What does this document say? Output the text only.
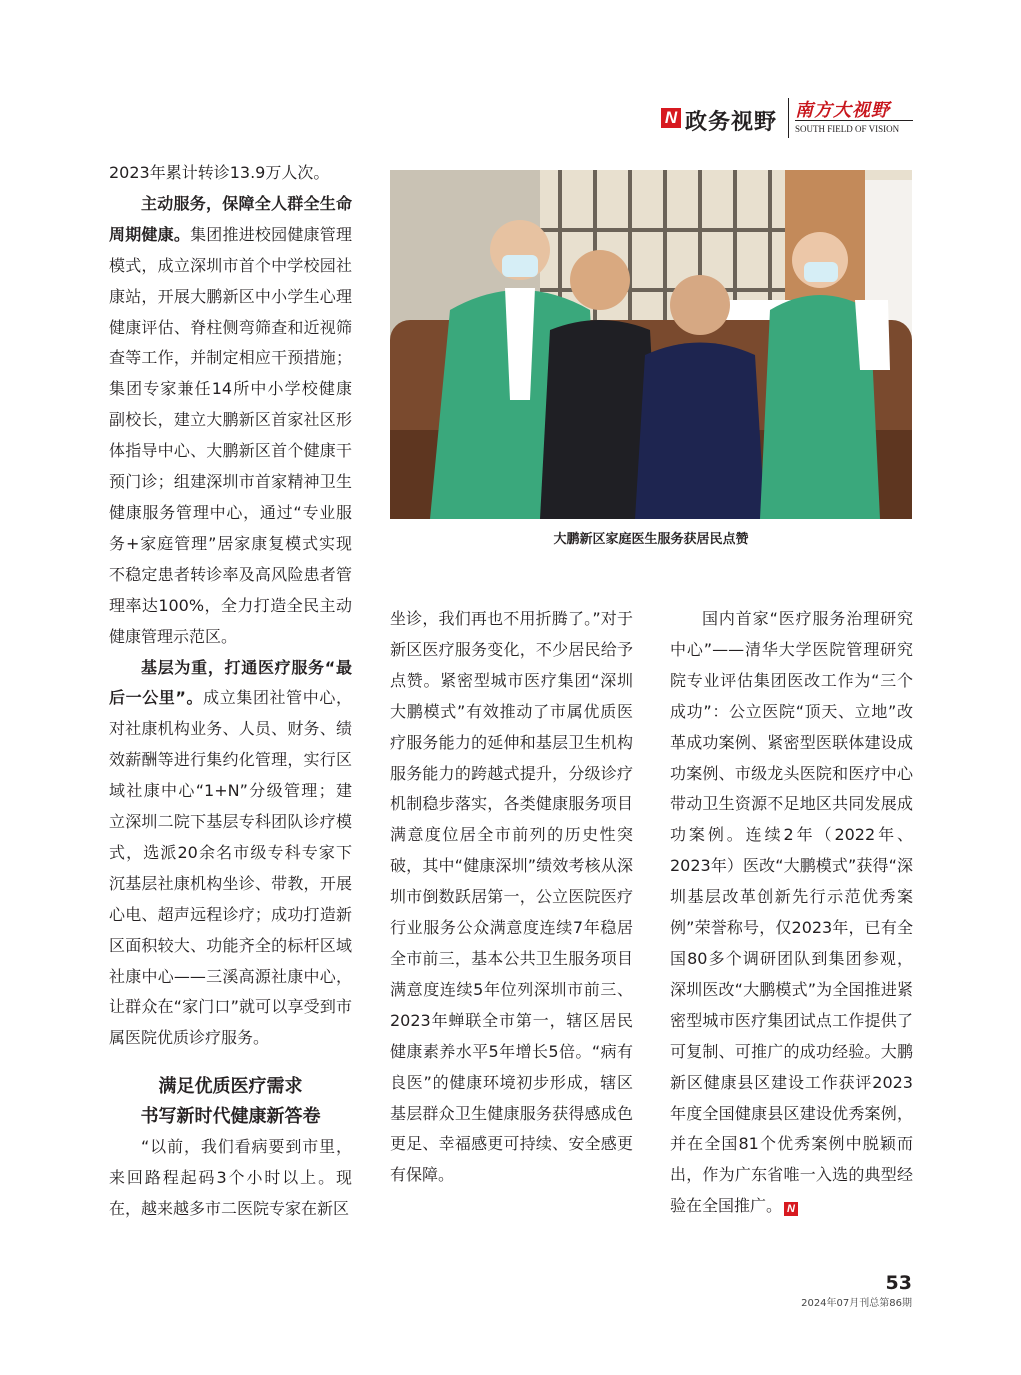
N 政务视野 南方大视野
SOUTH FIELD OF VISION

2023年累计转诊13.9万人次。

主动服务，保障全人群全生命周期健康。集团推进校园健康管理模式，成立深圳市首个中学校园社康站，开展大鹏新区中小学生心理健康评估、脊柱侧弯筛查和近视筛查等工作，并制定相应干预措施；集团专家兼任14所中小学校健康副校长，建立大鹏新区首家社区形体指导中心、大鹏新区首个健康干预门诊；组建深圳市首家精神卫生健康服务管理中心，通过“专业服务+家庭管理”居家康复模式实现不稳定患者转诊率及高风险患者管理率达100%，全力打造全民主动健康管理示范区。

基层为重，打通医疗服务“最后一公里”。成立集团社管中心，对社康机构业务、人员、财务、绩效薪酬等进行集约化管理，实行区域社康中心“1+N”分级管理；建立深圳二院下基层专科团队诊疗模式，选派20余名市级专科专家下沉基层社康机构坐诊、带教，开展心电、超声远程诊疗；成功打造新区面积较大、功能齐全的标杆区域社康中心——三溪高源社康中心，让群众在“家门口”就可以享受到市属医院优质诊疗服务。

满足优质医疗需求

书写新时代健康新答卷

“以前，我们看病要到市里，来回路程起码3个小时以上。现在，越来越多市二医院专家在新区

大鹏新区家庭医生服务获居民点赞

坐诊，我们再也不用折腾了。”对于新区医疗服务变化，不少居民给予点赞。紧密型城市医疗集团“深圳大鹏模式”有效推动了市属优质医疗服务能力的延伸和基层卫生机构服务能力的跨越式提升，分级诊疗机制稳步落实，各类健康服务项目满意度位居全市前列的历史性突破，其中“健康深圳”绩效考核从深圳市倒数跃居第一，公立医院医疗行业服务公众满意度连续7年稳居全市前三，基本公共卫生服务项目满意度连续5年位列深圳市前三、2023年蝉联全市第一，辖区居民健康素养水平5年增长5倍。“病有良医”的健康环境初步形成，辖区基层群众卫生健康服务获得感成色更足、幸福感更可持续、安全感更有保障。

国内首家“医疗服务治理研究中心”——清华大学医院管理研究院专业评估集团医改工作为“三个成功”：公立医院“顶天、立地”改革成功案例、紧密型医联体建设成功案例、市级龙头医院和医疗中心带动卫生资源不足地区共同发展成功案例。连续2年（2022年、2023年）医改“大鹏模式”获得“深圳基层改革创新先行示范优秀案例”荣誉称号，仅2023年，已有全国80多个调研团队到集团参观，深圳医改“大鹏模式”为全国推进紧密型城市医疗集团试点工作提供了可复制、可推广的成功经验。大鹏新区健康县区建设工作获评2023年度全国健康县区建设优秀案例，并在全国81个优秀案例中脱颖而出，作为广东省唯一入选的典型经验在全国推广。 N

53
2024年07月刊总第86期
